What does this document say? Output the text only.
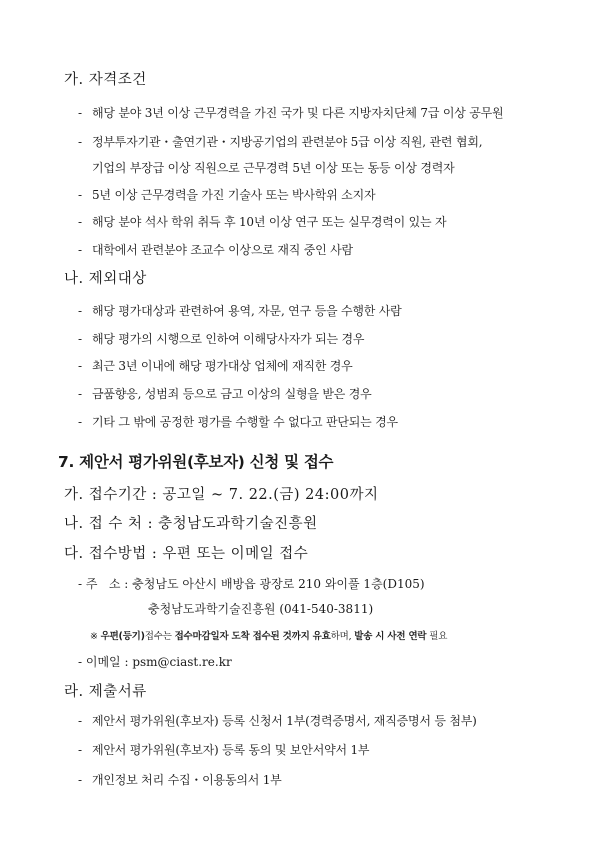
가. 자격조건
- 해당 분야 3년 이상 근무경력을 가진 국가 및 다른 지방자치단체 7급 이상 공무원
- 정부투자기관・출연기관・지방공기업의 관련분야 5급 이상 직원, 관련 협회,
기업의 부장급 이상 직원으로 근무경력 5년 이상 또는 동등 이상 경력자
- 5년 이상 근무경력을 가진 기술사 또는 박사학위 소지자
- 해당 분야 석사 학위 취득 후 10년 이상 연구 또는 실무경력이 있는 자
- 대학에서 관련분야 조교수 이상으로 재직 중인 사람
나. 제외대상
- 해당 평가대상과 관련하여 용역, 자문, 연구 등을 수행한 사람
- 해당 평가의 시행으로 인하여 이해당사자가 되는 경우
- 최근 3년 이내에 해당 평가대상 업체에 재직한 경우
- 금품향응, 성범죄 등으로 금고 이상의 실형을 받은 경우
- 기타 그 밖에 공정한 평가를 수행할 수 없다고 판단되는 경우
7. 제안서 평가위원(후보자) 신청 및 접수
가. 접수기간 : 공고일 ~ 7. 22.(금) 24:00까지
나. 접 수 처 : 충청남도과학기술진흥원
다. 접수방법 : 우편 또는 이메일 접수
- 주   소 : 충청남도 아산시 배방읍 광장로 210 와이풀 1층(D105)
충청남도과학기술진흥원 (041-540-3811)
※ 우편(등기)접수는 접수마감일자 도착 접수된 것까지 유효하며, 발송 시 사전 연락 필요
- 이메일 : psm@ciast.re.kr
라. 제출서류
- 제안서 평가위원(후보자) 등록 신청서 1부(경력증명서, 재직증명서 등 첨부)
- 제안서 평가위원(후보자) 등록 동의 및 보안서약서 1부
- 개인정보 처리 수집・이용동의서 1부
